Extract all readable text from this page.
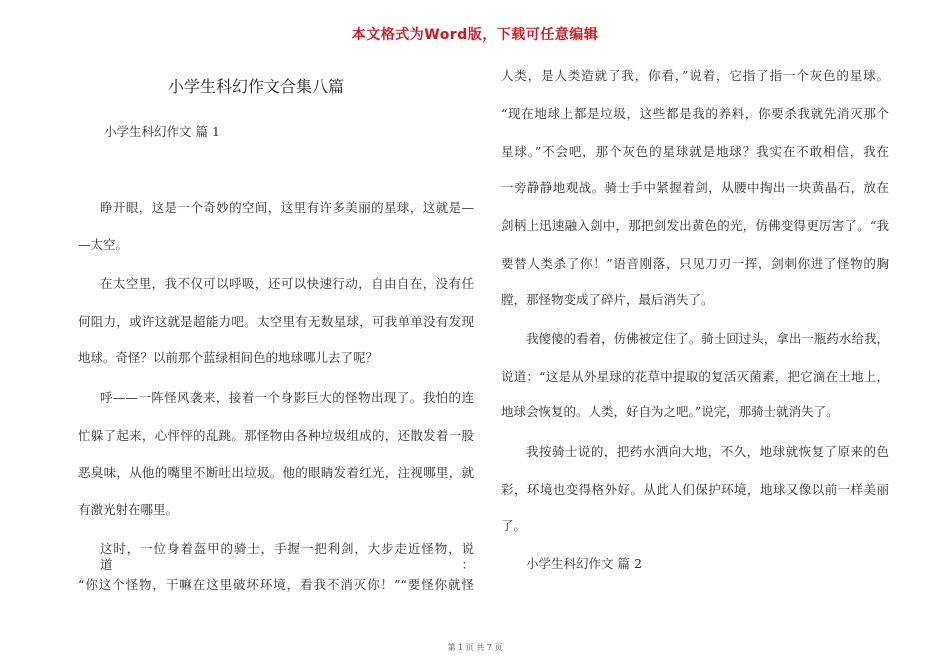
本文格式为Word版，下载可任意编辑
小学生科幻作文合集八篇
小学生科幻作文 篇 1
睁开眼，这是一个奇妙的空间，这里有许多美丽的星球，这就是—
—太空。
在太空里，我不仅可以呼吸，还可以快速行动，自由自在，没有任
何阻力，或许这就是超能力吧。太空里有无数星球，可我单单没有发现
地球。奇怪？以前那个蓝绿相间色的地球哪儿去了呢？
呼——一阵怪风袭来，接着一个身影巨大的怪物出现了。我怕的连
忙躲了起来，心怦怦的乱跳。那怪物由各种垃圾组成的，还散发着一股
恶臭味，从他的嘴里不断吐出垃圾。他的眼睛发着红光，注视哪里，就
有激光射在哪里。
这时，一位身着盔甲的骑士，手握一把利剑，大步走近怪物，说道：
“你这个怪物，干嘛在这里破坏环境，看我不消灭你！”“要怪你就怪
人类，是人类造就了我，你看，”说着，它指了指一个灰色的星球。
“现在地球上都是垃圾，这些都是我的养料，你要杀我就先消灭那个
星球。”不会吧，那个灰色的星球就是地球？我实在不敢相信，我在
一旁静静地观战。骑士手中紧握着剑，从腰中掏出一块黄晶石，放在
剑柄上迅速融入剑中，那把剑发出黄色的光，仿佛变得更厉害了。“我
要替人类杀了你！”语音刚落，只见刀刃一挥，剑刺你进了怪物的胸
膛，那怪物变成了碎片，最后消失了。
我傻傻的看着，仿佛被定住了。骑士回过头，拿出一瓶药水给我，
说道：“这是从外星球的花草中提取的复活灭菌素，把它滴在土地上，
地球会恢复的。人类，好自为之吧。”说完，那骑士就消失了。
我按骑士说的，把药水洒向大地，不久，地球就恢复了原来的色
彩，环境也变得格外好。从此人们保护环境，地球又像以前一样美丽
了。
小学生科幻作文 篇 2
第 1 页 共 7 页
